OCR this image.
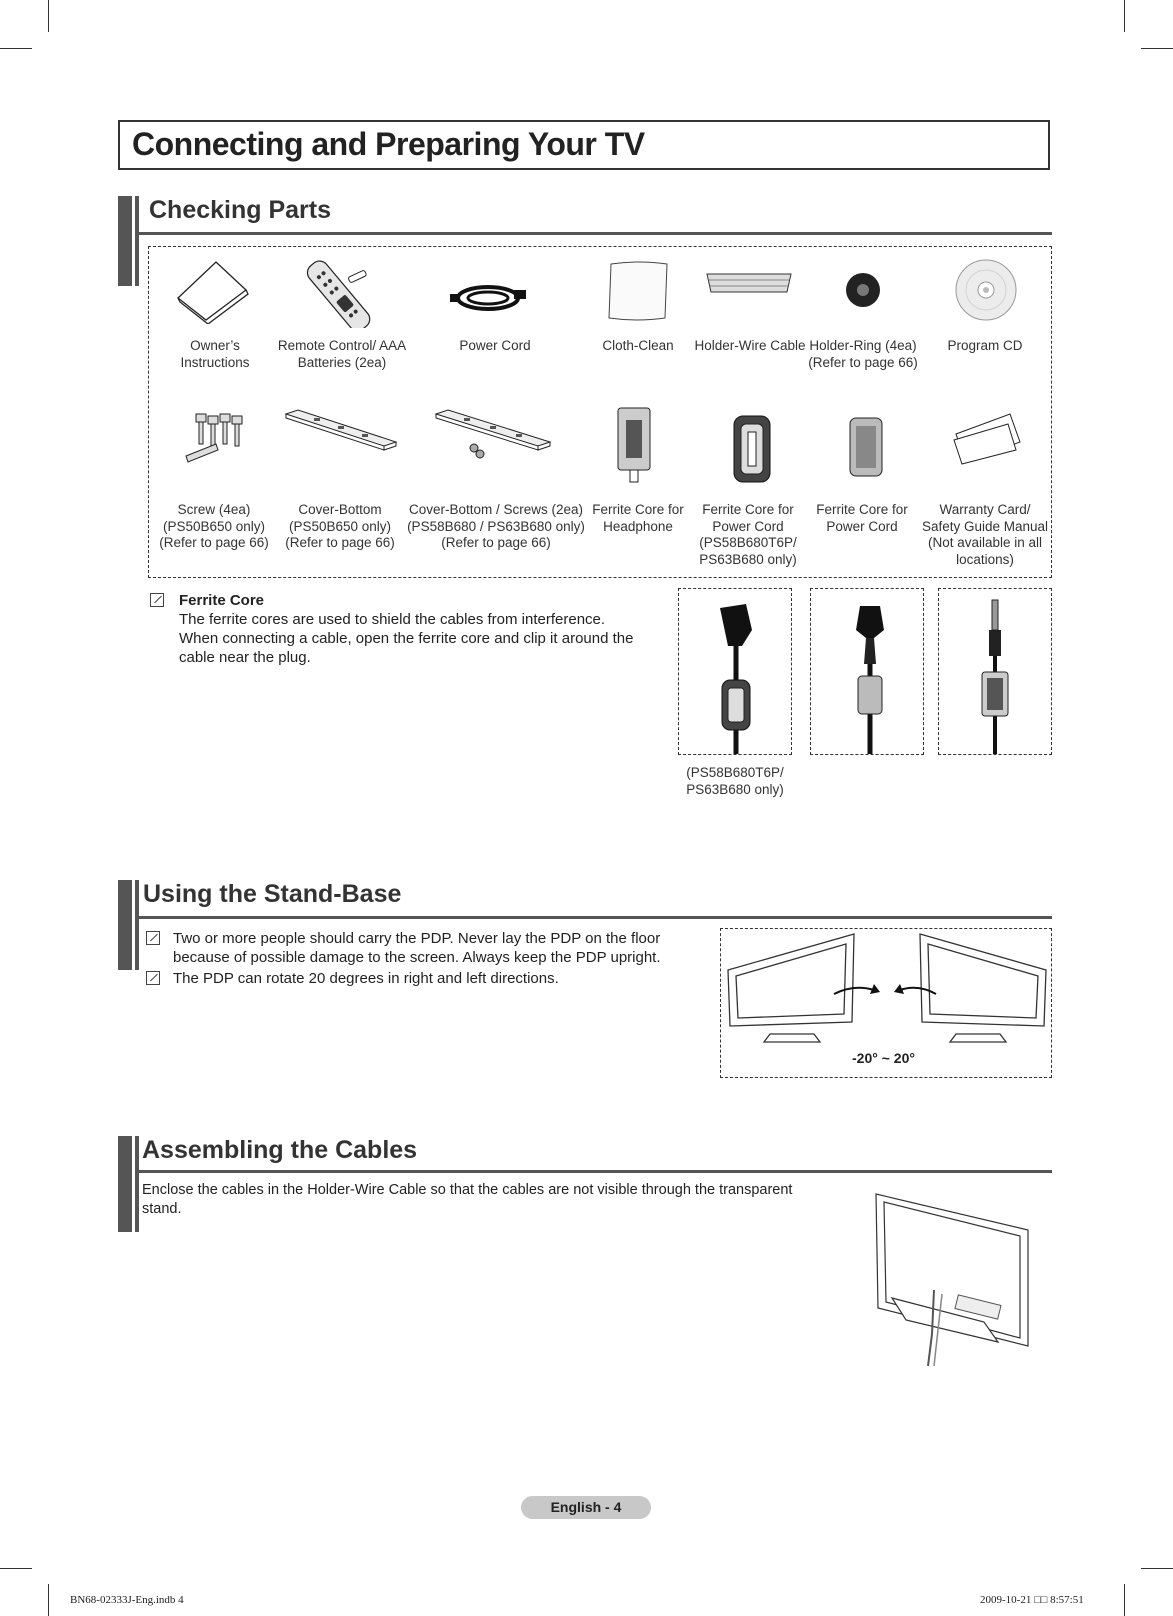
Connecting and Preparing Your TV
Checking Parts
Owner’s Instructions
Remote Control/ AAA Batteries (2ea)
Power Cord	Cloth-Clean	Holder-Wire Cable Holder-Ring (4ea) (Refer to page 66)
Program CD
Screw (4ea) (PS50B650 only) (Refer to page 66)
Cover-Bottom (PS50B650 only) (Refer to page 66)
Cover-Bottom / Screws (2ea) (PS58B680 / PS63B680 only) (Refer to page 66)
Ferrite Core for Headphone
Ferrite Core for Power Cord (PS58B680T6P/ PS63B680 only)
Ferrite Core for Power Cord
Warranty Card/ Safety Guide Manual (Not available in all locations)
Ferrite Core
The ferrite cores are used to shield the cables from interference.
When connecting a cable, open the ferrite core and clip it around the
cable near the plug.
(PS58B680T6P/
PS63B680 only)
Using the Stand-Base
Two or more people should carry the PDP. Never lay the PDP on the floor
because of possible damage to the screen. Always keep the PDP upright.
The PDP can rotate 20 degrees in right and left directions.
-20° ~ 20°
Assembling the Cables
Enclose the cables in the Holder-Wire Cable so that the cables are not visible through the transparent
stand.
English - 4
BN68-02333J-Eng.indb 4	2009-10-21 □□ 8:57:51
